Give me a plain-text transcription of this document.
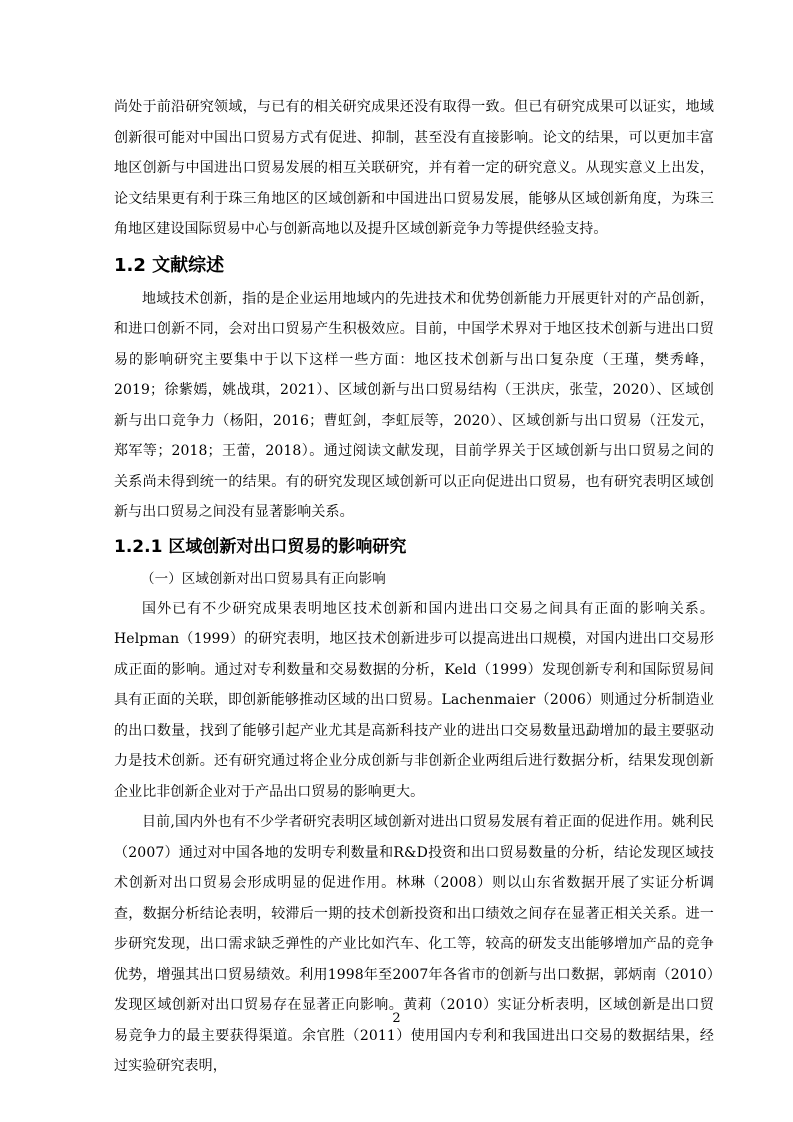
尚处于前沿研究领域，与已有的相关研究成果还没有取得一致。但已有研究成果可以证实，地域创新很可能对中国出口贸易方式有促进、抑制，甚至没有直接影响。论文的结果，可以更加丰富地区创新与中国进出口贸易发展的相互关联研究，并有着一定的研究意义。从现实意义上出发，论文结果更有利于珠三角地区的区域创新和中国进出口贸易发展，能够从区域创新角度，为珠三角地区建设国际贸易中心与创新高地以及提升区域创新竞争力等提供经验支持。

1.2 文献综述

地域技术创新，指的是企业运用地域内的先进技术和优势创新能力开展更针对的产品创新，和进口创新不同，会对出口贸易产生积极效应。目前，中国学术界对于地区技术创新与进出口贸易的影响研究主要集中于以下这样一些方面：地区技术创新与出口复杂度（王瑾，樊秀峰，2019；徐紫嫣，姚战琪，2021）、区域创新与出口贸易结构（王洪庆，张莹，2020）、区域创新与出口竞争力（杨阳，2016；曹虹剑，李虹辰等，2020）、区域创新与出口贸易（汪发元，郑军等；2018；王蕾，2018）。通过阅读文献发现，目前学界关于区域创新与出口贸易之间的关系尚未得到统一的结果。有的研究发现区域创新可以正向促进出口贸易，也有研究表明区域创新与出口贸易之间没有显著影响关系。

1.2.1 区域创新对出口贸易的影响研究

（一）区域创新对出口贸易具有正向影响

国外已有不少研究成果表明地区技术创新和国内进出口交易之间具有正面的影响关系。Helpman（1999）的研究表明，地区技术创新进步可以提高进出口规模，对国内进出口交易形成正面的影响。通过对专利数量和交易数据的分析，Keld（1999）发现创新专利和国际贸易间具有正面的关联，即创新能够推动区域的出口贸易。Lachenmaier（2006）则通过分析制造业的出口数量，找到了能够引起产业尤其是高新科技产业的进出口交易数量迅勐增加的最主要驱动力是技术创新。还有研究通过将企业分成创新与非创新企业两组后进行数据分析，结果发现创新企业比非创新企业对于产品出口贸易的影响更大。

目前,国内外也有不少学者研究表明区域创新对进出口贸易发展有着正面的促进作用。姚利民（2007）通过对中国各地的发明专利数量和R&D投资和出口贸易数量的分析，结论发现区域技术创新对出口贸易会形成明显的促进作用。林琳（2008）则以山东省数据开展了实证分析调查，数据分析结论表明，较滞后一期的技术创新投资和出口绩效之间存在显著正相关关系。进一步研究发现，出口需求缺乏弹性的产业比如汽车、化工等，较高的研发支出能够增加产品的竞争优势，增强其出口贸易绩效。利用1998年至2007年各省市的创新与出口数据，郭炳南（2010）发现区域创新对出口贸易存在显著正向影响。黄莉（2010）实证分析表明，区域创新是出口贸易竞争力的最主要获得渠道。余官胜（2011）使用国内专利和我国进出口交易的数据结果，经过实验研究表明，

2
